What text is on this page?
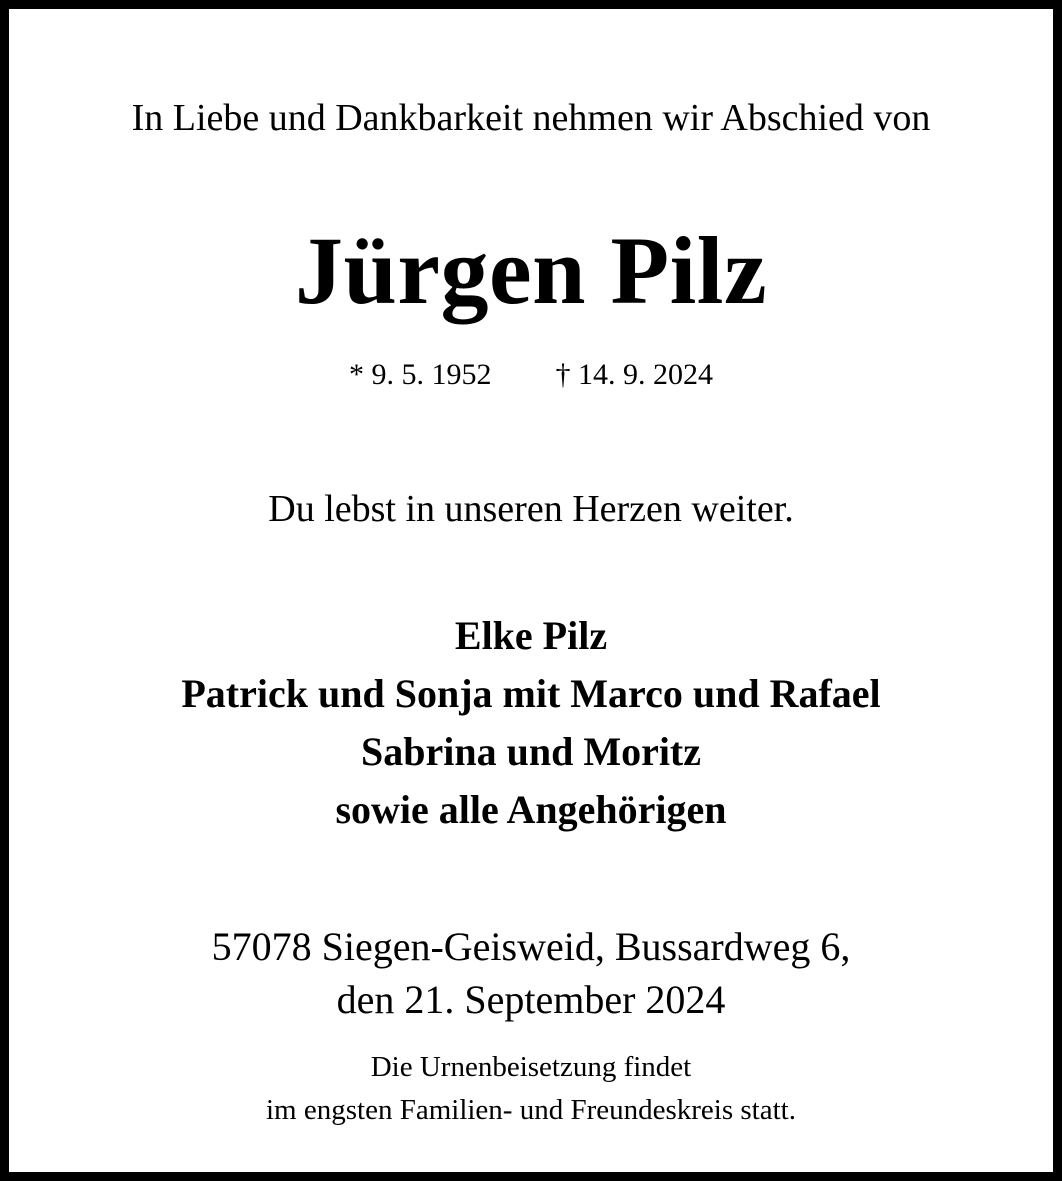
In Liebe und Dankbarkeit nehmen wir Abschied von

Jürgen Pilz

* 9. 5. 1952 † 14. 9. 2024

Du lebst in unseren Herzen weiter.

Elke Pilz
Patrick und Sonja mit Marco und Rafael
Sabrina und Moritz
sowie alle Angehörigen

57078 Siegen-Geisweid, Bussardweg 6,

den 21. September 2024

Die Urnenbeisetzung findet

im engsten Familien- und Freundeskreis statt.
